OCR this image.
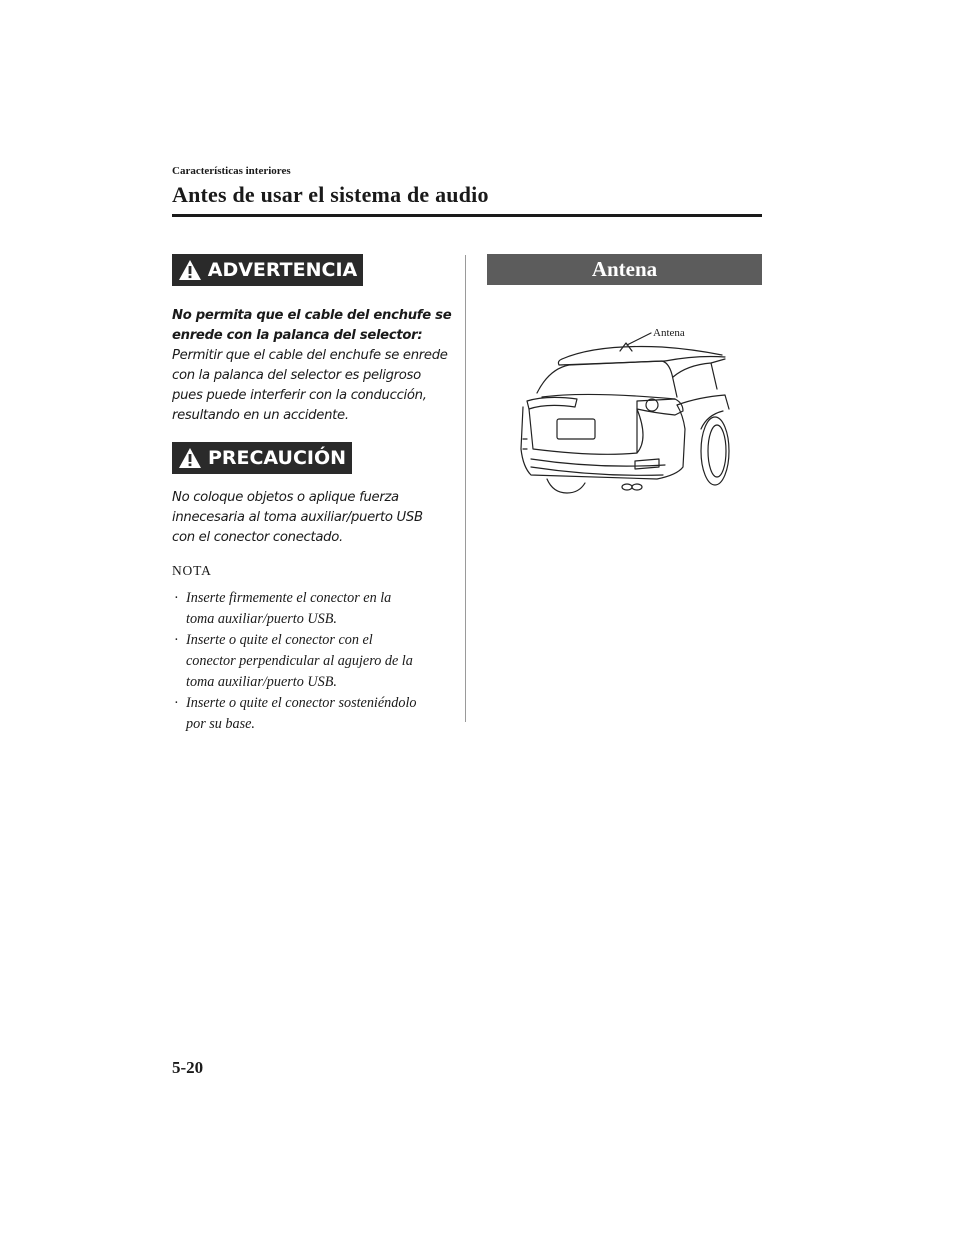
Características interiores
Antes de usar el sistema de audio
ADVERTENCIA
No permita que el cable del enchufe se
enrede con la palanca del selector:
Permitir que el cable del enchufe se enrede
con la palanca del selector es peligroso
pues puede interferir con la conducción,
resultando en un accidente.
PRECAUCIÓN
No coloque objetos o aplique fuerza
innecesaria al toma auxiliar/puerto USB
con el conector conectado.
NOTA
· Inserte firmemente el conector en la
toma auxiliar/puerto USB.
· Inserte o quite el conector con el
conector perpendicular al agujero de la
toma auxiliar/puerto USB.
· Inserte o quite el conector sosteniéndolo
por su base.
Antena
Antena
5-20
